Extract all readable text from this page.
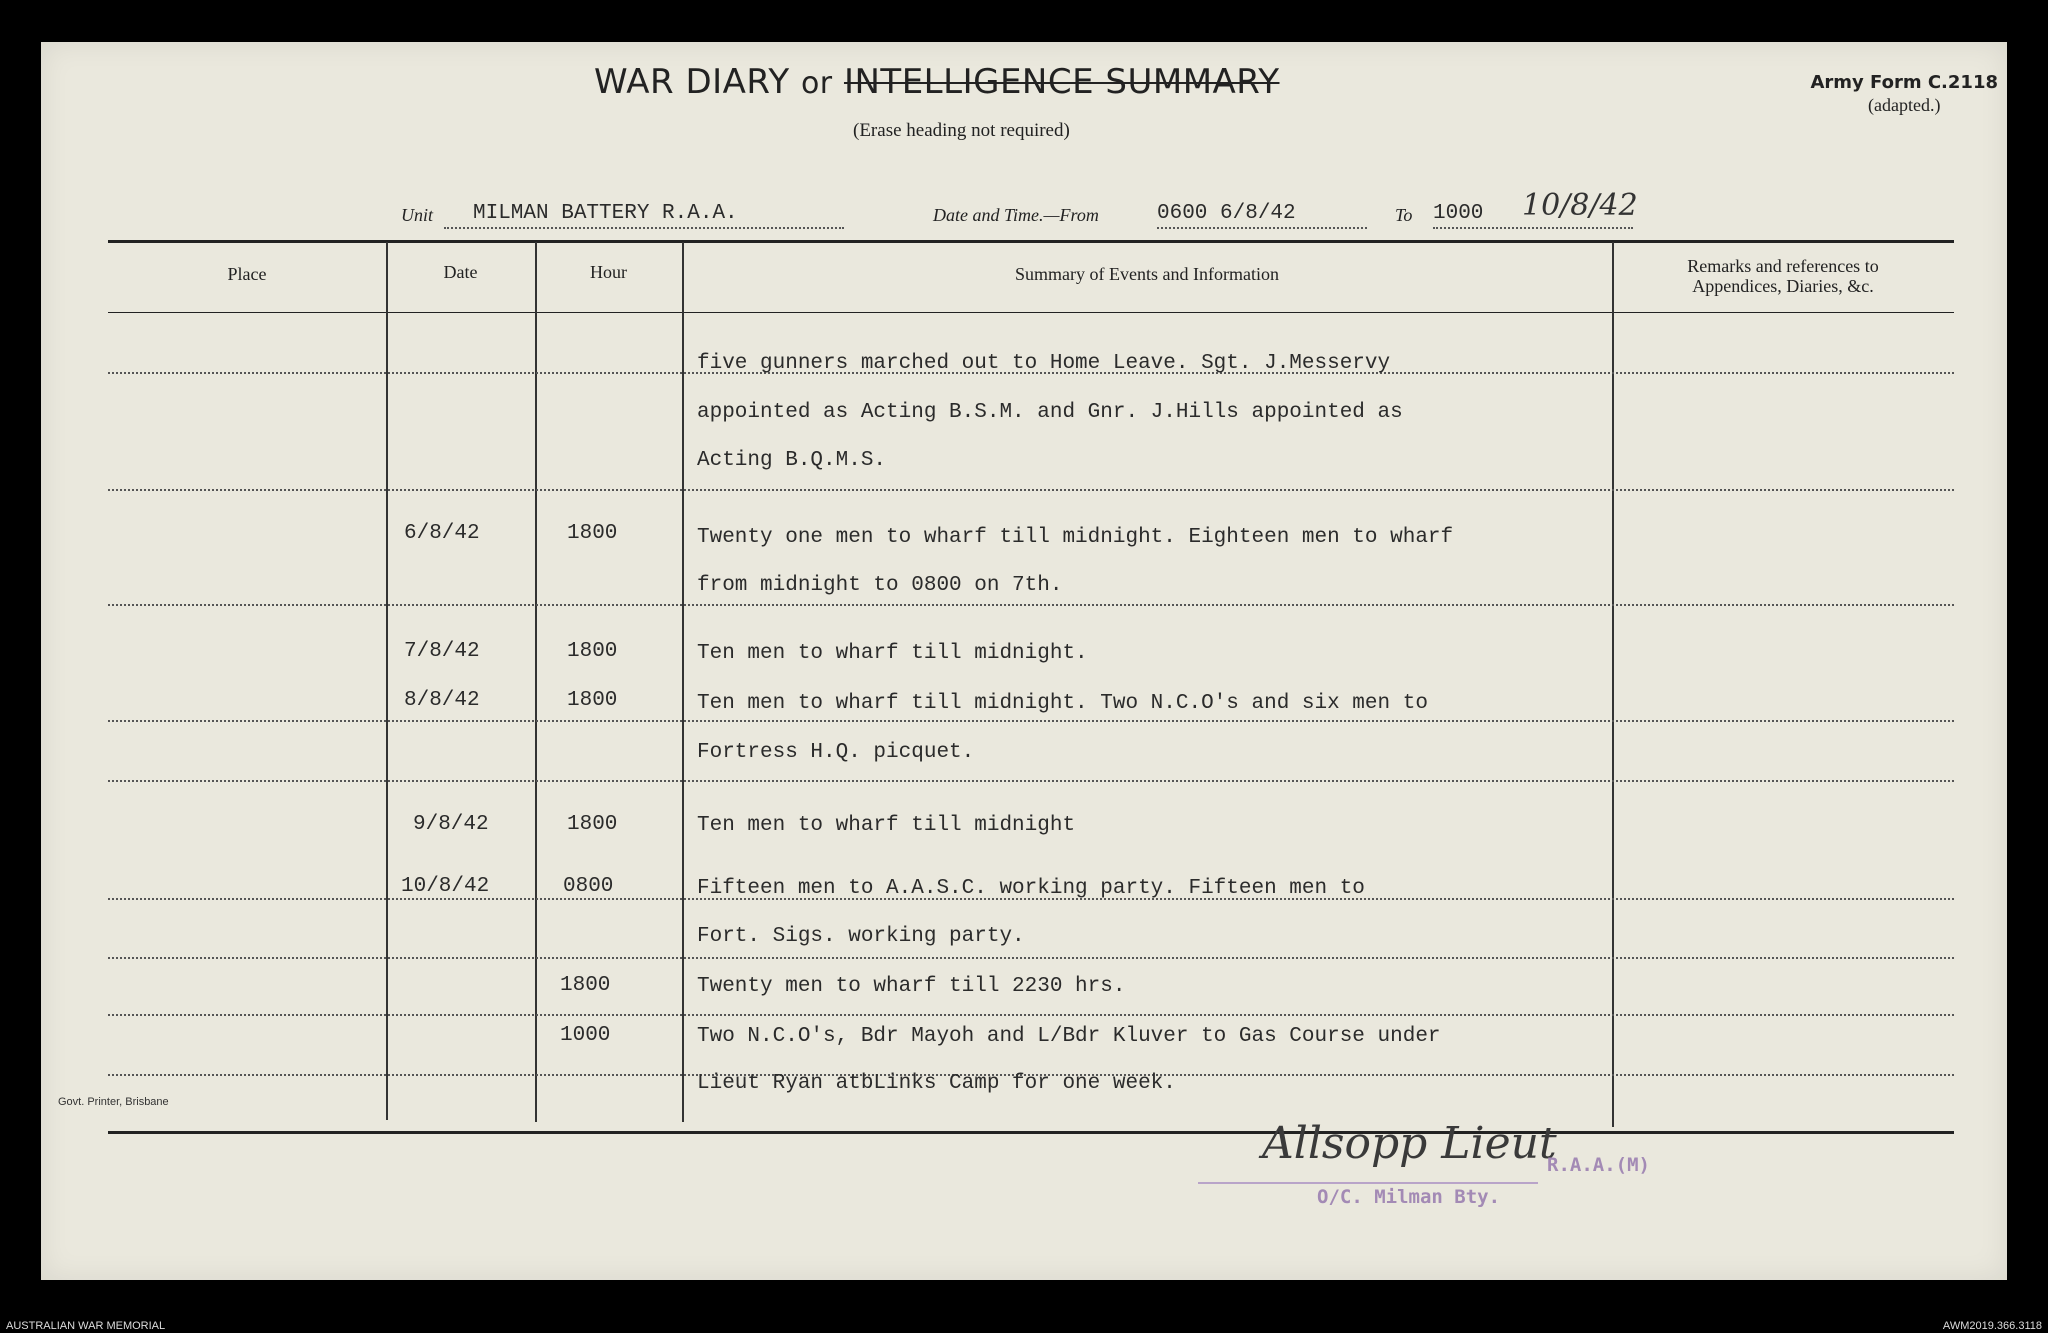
WAR DIARY or INTELLIGENCE SUMMARY
(Erase heading not required)
Army Form C.2118
(adapted.)
Unit MILMAN BATTERY R.A.A.	Date and Time.—From	0600 6/8/42	To 1000 10/8/42
Place	Date	Hour	Summary of Events and Information	Remarks and references to
Appendices, Diaries, &c.
five gunners marched out to Home Leave. Sgt. J.Messervy
appointed as Acting B.S.M. and Gnr. J.Hills appointed as
Acting B.Q.M.S.
6/8/42	1800	Twenty one men to wharf till midnight. Eighteen men to wharf
from midnight to 0800 on 7th.
7/8/42	1800	Ten men to wharf till midnight.
8/8/42	1800	Ten men to wharf till midnight. Two N.C.O's and six men to
Fortress H.Q. picquet.
9/8/42	1800	Ten men to wharf till midnight
10/8/42	0800	Fifteen men to A.A.S.C. working party. Fifteen men to
Fort. Sigs. working party.
1800	Twenty men to wharf till 2230 hrs.
1000	Two N.C.O's, Bdr Mayoh and L/Bdr Kluver to Gas Course under
Lieut Ryan atbLinks Camp for one week.
Govt. Printer, Brisbane
Allsopp Lieut
R.A.A.(M)
O/C. Milman Bty.
AUSTRALIAN WAR MEMORIAL	AWM2019.366.3118
